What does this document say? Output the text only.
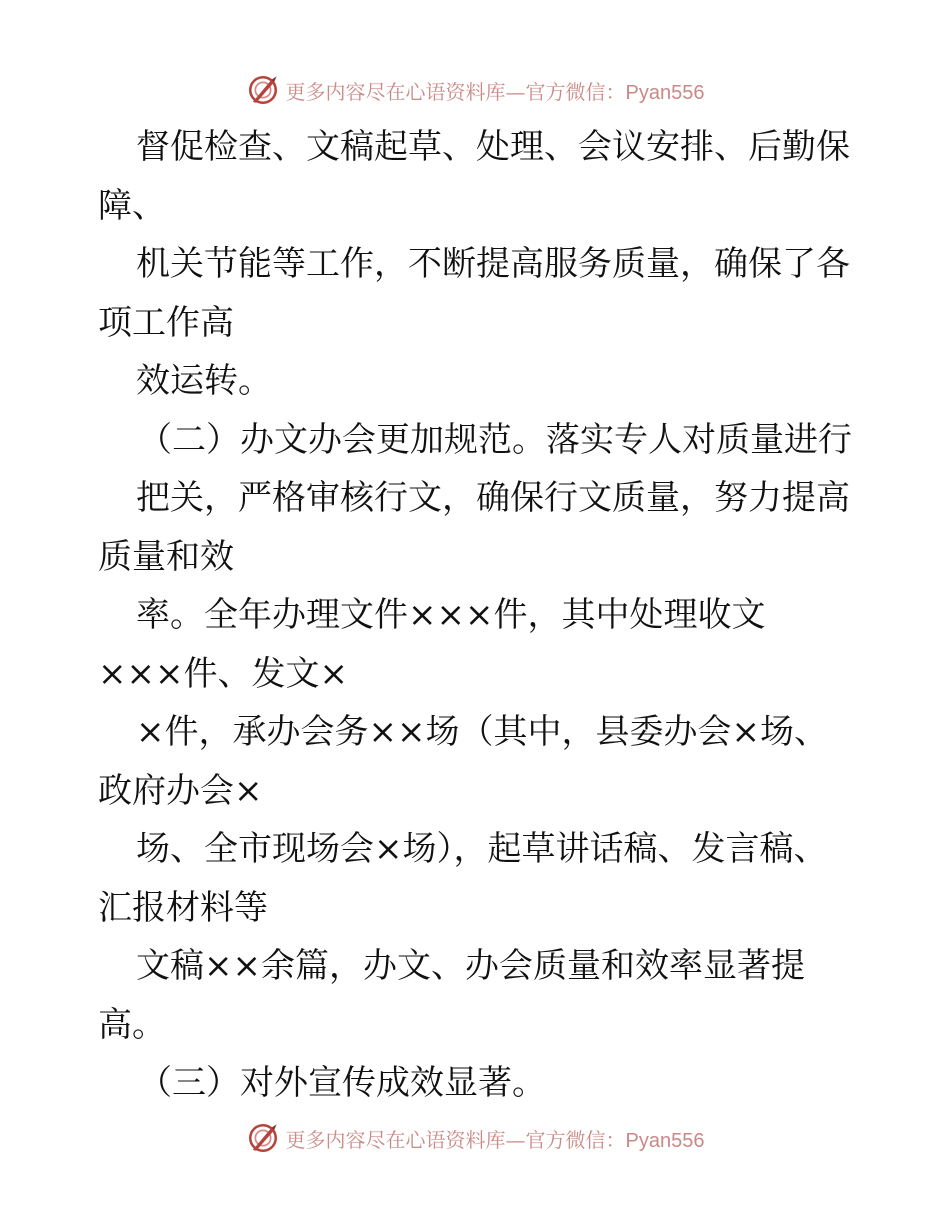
更多内容尽在心语资料库—官方微信：Pyan556
督促检查、文稿起草、处理、会议安排、后勤保
障、
机关节能等工作，不断提高服务质量，确保了各
项工作高
效运转。
（二）办文办会更加规范。落实专人对质量进行
把关，严格审核行文，确保行文质量，努力提高
质量和效
率。全年办理文件×××件，其中处理收文
×××件、发文×
×件，承办会务××场（其中，县委办会×场、
政府办会×
场、全市现场会×场），起草讲话稿、发言稿、
汇报材料等
文稿××余篇，办文、办会质量和效率显著提
高。
（三）对外宣传成效显著。
更多内容尽在心语资料库—官方微信：Pyan556
